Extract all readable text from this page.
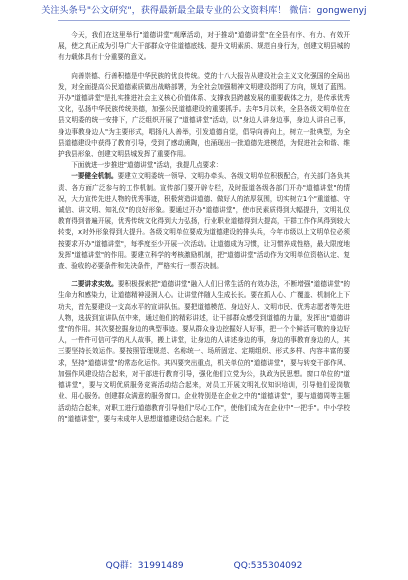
关注头条号"公文研究"，获得最新最全最专业的公文资料库！ 微信：gongwenyj

今天，我们在这里举行"道德讲堂"观摩活动，对于推动"道德讲堂"在全县有序、有力、有效开展，使之真正成为引导广大干部群众守住道德底线、提升文明素质、规范自身行为，创建文明县城的有力载体具有十分重要的意义。

向善崇德、行善积德是中华民族的优良传统。党的十八大报告从建设社会主义文化强国的全局出发，对全面提高公民道德素质做出战略部署，为全社会加强精神文明建设指明了方向，规划了蓝图。开办"道德讲堂"是扎实推进社会主义核心价值体系、支撑我县跨越发展的重要载体之力，是传承优秀文化，弘扬中华民族传统美德，加强公民道德建设的重要抓手。去年5月以来，全县各级文明单位在县文明委的统一安排下，广泛组织开展了"道德讲堂"活动，以"身边人讲身边事，身边人讲自己事，身边事教身边人"为主要形式，唱扬凡人善举，引发道德自觉，倡导向善向上，树立一批典型，为全县道德建设中获得了教育引导，受到了感动熏陶，也涌现出一批道德先进模范，为促进社会和谐、维护我县形象、创建文明县城发挥了重要作用。

下面就进一步推进"道德讲堂"活动，我提几点要求：

一要健全机制。要建立文明委统一领导、文明办牵头、各级文明单位积极配合，有关部门各负其责、各方面广泛参与的工作机制。宣传部门要开辟专栏，及时报道各级各部门开办"道德讲堂"的情况，大力宣传先进人物的优秀事迹，积极营造讲道德、做好人的浓厚氛围，切实树立1个"重道德、守诚信、讲文明、知礼仪"的良好形象。要通过开办"道德讲堂"，使市民素质得到大幅提升，文明礼仪教育得到普遍开展，优秀传统文化得到大力弘扬，行业职业道德得到大提高，干群工作作风得到较大转变，x对外形象得到大提升。各级文明单位要成为道德建设的排头兵，今年市级以上文明单位必须按要求开办"道德讲堂"，每季度至少开展一次活动。让道德成为习惯，让习惯养成性格，最大限度地发挥"道德讲堂"的作用。要建立科学的考核激励机制，把"道德讲堂"活动作为文明单位资格认定、复查、验收的必要条件和先决条件，严格实行一票否决制。

二要讲求实效。要积极探索把"道德讲堂"融入人们日常生活的有效办法，不断增强"道德讲堂"的生命力和感染力，让道德精神浸润人心。让讲堂伴随人生成长长。要在抓人心、广覆盖、机制化上下功夫，首先要建设一支高水平的宣讲队伍。要把道德模范、身边好人、文明市民、优秀志愿者等先进人物，选拔到宣讲队伍中来，通过他们的精彩讲述，让干部群众感受到道德的力量，发挥出"道德讲堂"的作用。其次要挖掘身边的典型事迹。要从群众身边挖掘好人好事，把一个个鲜活可敬的身边好人，一件件可信可学的凡人故事，搬上讲堂，让身边的人讲述身边的事，身边的事教育身边的人，其三要坚持长效运作。要按照管理规范、名称统一、场所固定、定期组织、形式多样、内容丰富的要求，坚持"道德讲堂"的常态化运作。其四要突出重点，机关单位的"道德讲堂"，要与转变干部作风、加强作风建设结合起来，对干部进行教育引导，强化他们立党为公，执政为民思想。窗口单位的"道德讲堂"，要与文明优质服务竞赛活动结合起来，对员工开展文明礼仪知识培训，引导他们爱岗敬业、用心服务。创建群众满意的服务窗口。企业特别是在企业之中的"道德讲堂"，要与道德周等主题活动结合起来，对职工进行道德教育引导他们"尽心工作"，使他们成为在企业中"一把手"。中小学校的"道德讲堂"，要与未成年人思想道德建设结合起来。广泛

QQ群：31991489	QQ:535304092
